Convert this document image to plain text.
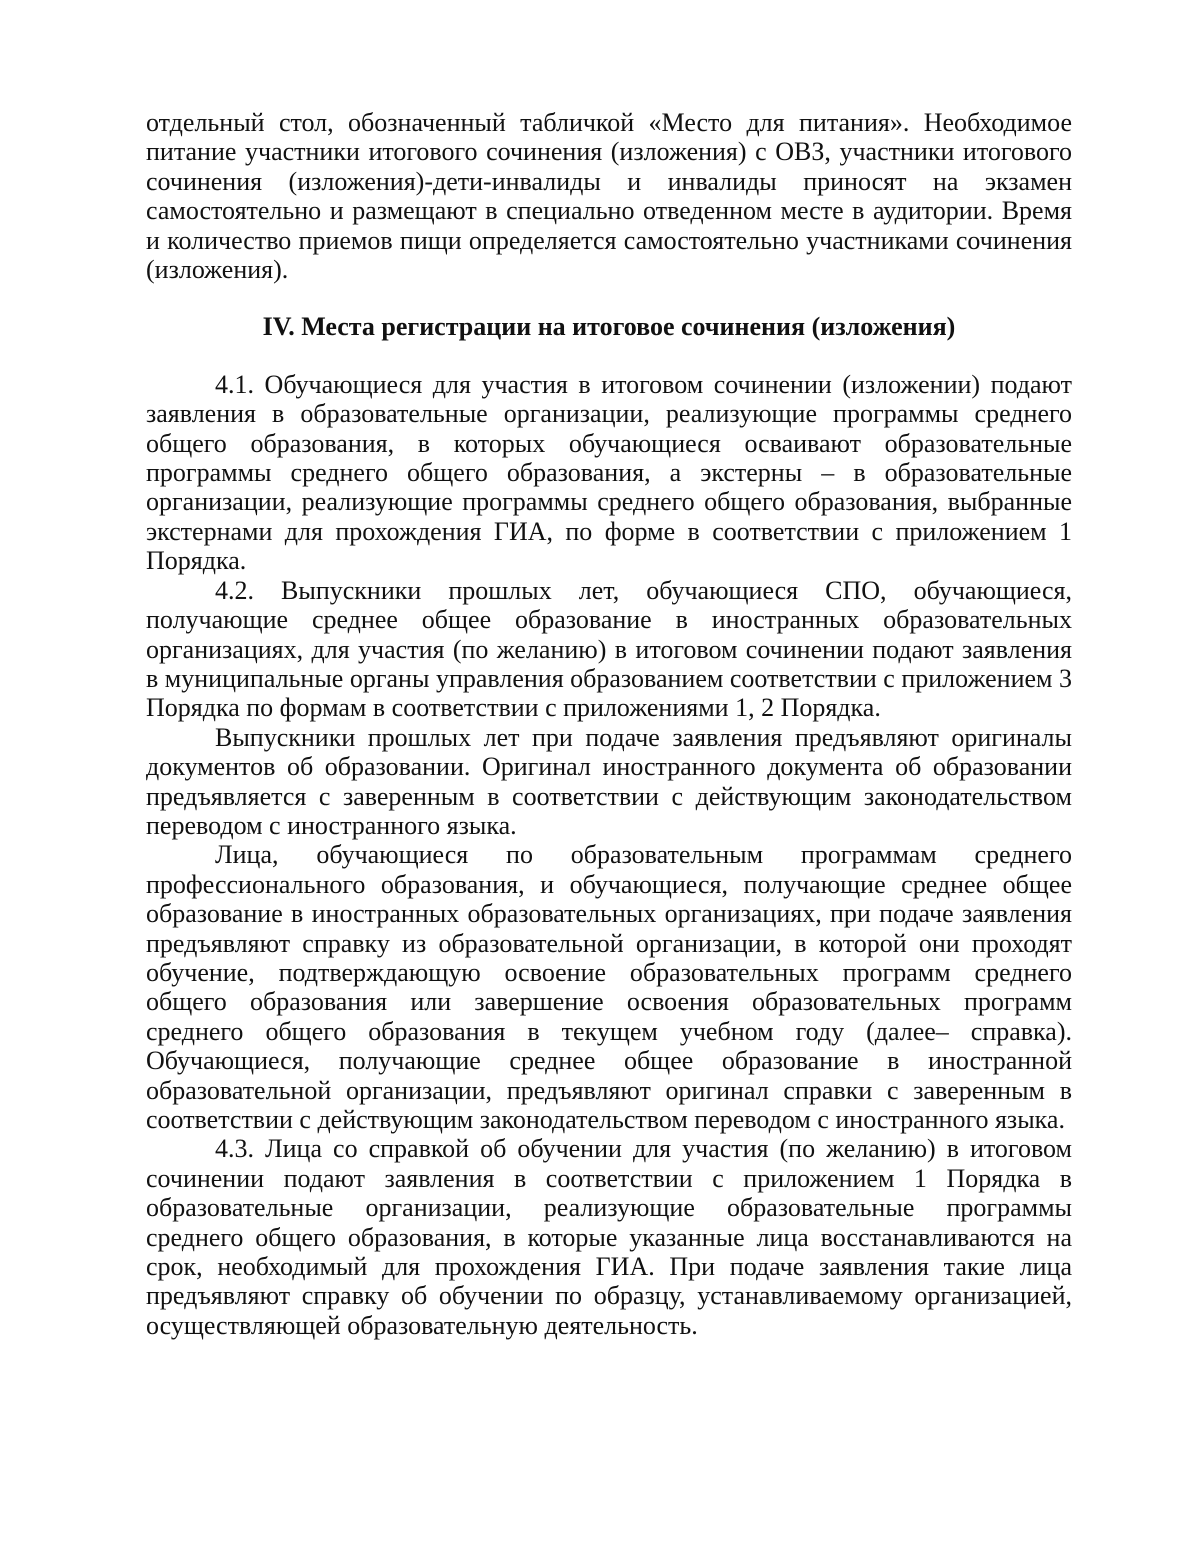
отдельный стол, обозначенный табличкой «Место для питания». Необходимое питание участники итогового сочинения (изложения) с ОВЗ, участники итогового сочинения (изложения)-дети-инвалиды и инвалиды приносят на экзамен самостоятельно и размещают в специально отведенном месте в аудитории. Время и количество приемов пищи определяется самостоятельно участниками сочинения (изложения).

IV. Места регистрации на итоговое сочинения (изложения)

4.1. Обучающиеся для участия в итоговом сочинении (изложении) подают заявления в образовательные организации, реализующие программы среднего общего образования, в которых обучающиеся осваивают образовательные программы среднего общего образования, а экстерны – в образовательные организации, реализующие программы среднего общего образования, выбранные экстернами для прохождения ГИА, по форме в соответствии с приложением 1 Порядка.

4.2. Выпускники прошлых лет, обучающиеся СПО, обучающиеся, получающие среднее общее образование в иностранных образовательных организациях, для участия (по желанию) в итоговом сочинении подают заявления в муниципальные органы управления образованием соответствии с приложением 3 Порядка по формам в соответствии с приложениями 1, 2 Порядка.

Выпускники прошлых лет при подаче заявления предъявляют оригиналы документов об образовании. Оригинал иностранного документа об образовании предъявляется с заверенным в соответствии с действующим законодательством переводом с иностранного языка.

Лица, обучающиеся по образовательным программам среднего профессионального образования, и обучающиеся, получающие среднее общее образование в иностранных образовательных организациях, при подаче заявления предъявляют справку из образовательной организации, в которой они проходят обучение, подтверждающую освоение образовательных программ среднего общего образования или завершение освоения образовательных программ среднего общего образования в текущем учебном году (далее– справка). Обучающиеся, получающие среднее общее образование в иностранной образовательной организации, предъявляют оригинал справки с заверенным в соответствии с действующим законодательством переводом с иностранного языка.

4.3. Лица со справкой об обучении для участия (по желанию) в итоговом сочинении подают заявления в соответствии с приложением 1 Порядка в образовательные организации, реализующие образовательные программы среднего общего образования, в которые указанные лица восстанавливаются на срок, необходимый для прохождения ГИА. При подаче заявления такие лица предъявляют справку об обучении по образцу, устанавливаемому организацией, осуществляющей образовательную деятельность.
